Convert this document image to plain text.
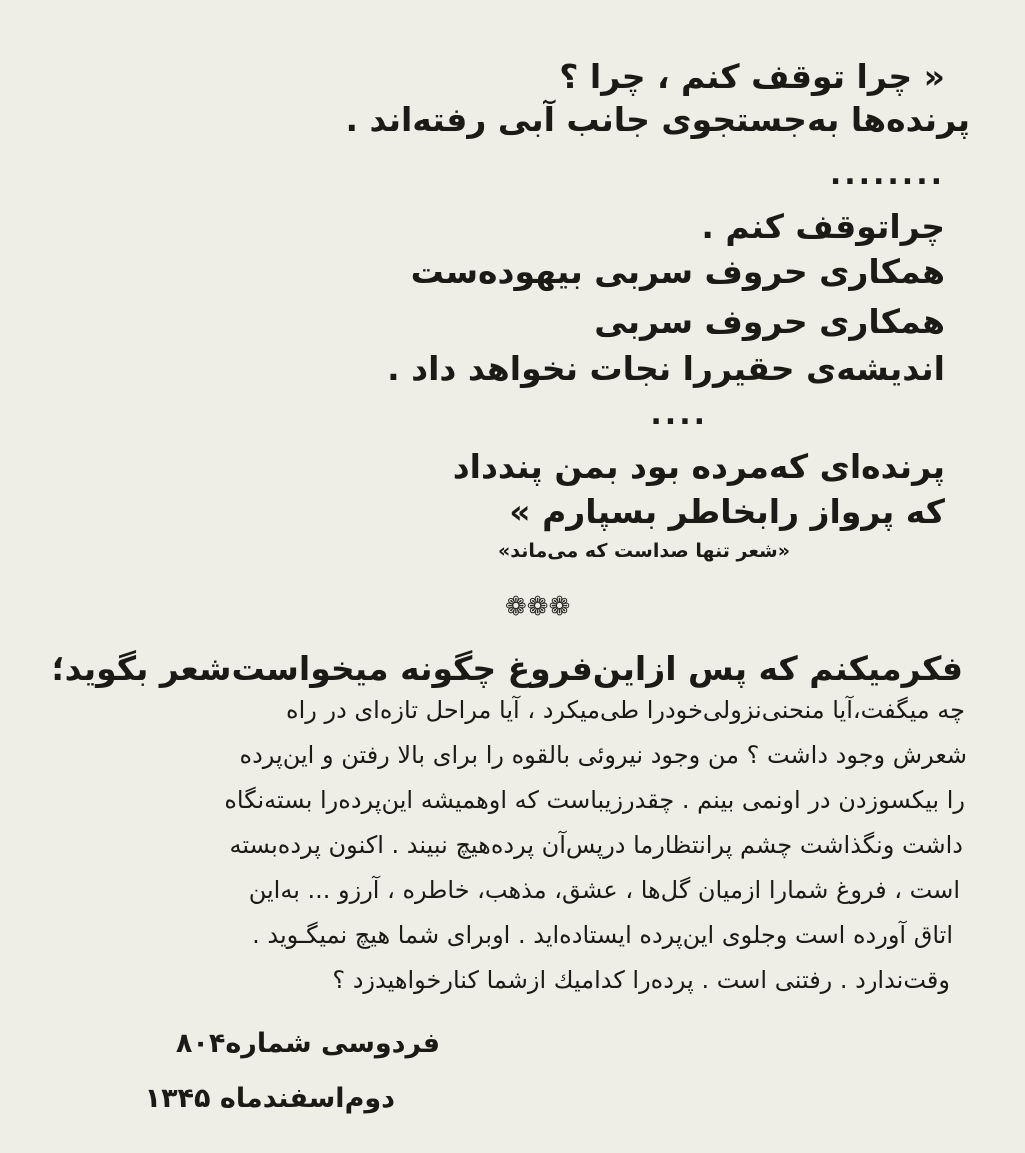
« چرا توقف کنم ، چرا ؟

پرنده‌ها به‌جستجوی جانب آبی رفته‌اند .

........

چراتوقف کنم .

همکاری حروف سربی بیهوده‌ست

همکاری حروف سربی

اندیشه‌ی حقیررا نجات نخواهد داد .

....

پرنده‌ای که‌مرده بود بمن پندداد

که پرواز رابخاطر بسپارم »

«شعر تنها صداست که می‌ماند»

❁❁❁

فکرمیکنم که پس ازاین‌فروغ چگونه میخواست‌شعر بگوید؛

چه میگفت،آیا منحنی‌نزولی‌خودرا طی‌میکرد ، آیا مراحل تازه‌ای در راه

شعرش وجود داشت ؟ من وجود نیروئی بالقوه را برای بالا رفتن و این‌پرده

را بیکسوزدن در اونمی بینم . چقدرزیباست که اوهمیشه این‌پرده‌را بسته‌نگاه

داشت ونگذاشت چشم پرانتظارما درپس‌آن پرده‌هیچ نبیند . اکنون پرده‌بسته

است ، فروغ شمارا ازمیان گل‌ها ، عشق، مذهب، خاطره ، آرزو ... به‌این

اتاق آورده است وجلوی این‌پرده ایستاده‌اید . اوبرای شما هیچ نمیگـوید .

وقت‌ندارد . رفتنی است . پرده‌را کدامیك ازشما کنارخواهیدزد ؟

فردوسی شماره۸۰۴

دوم‌اسفندماه ۱۳۴۵
